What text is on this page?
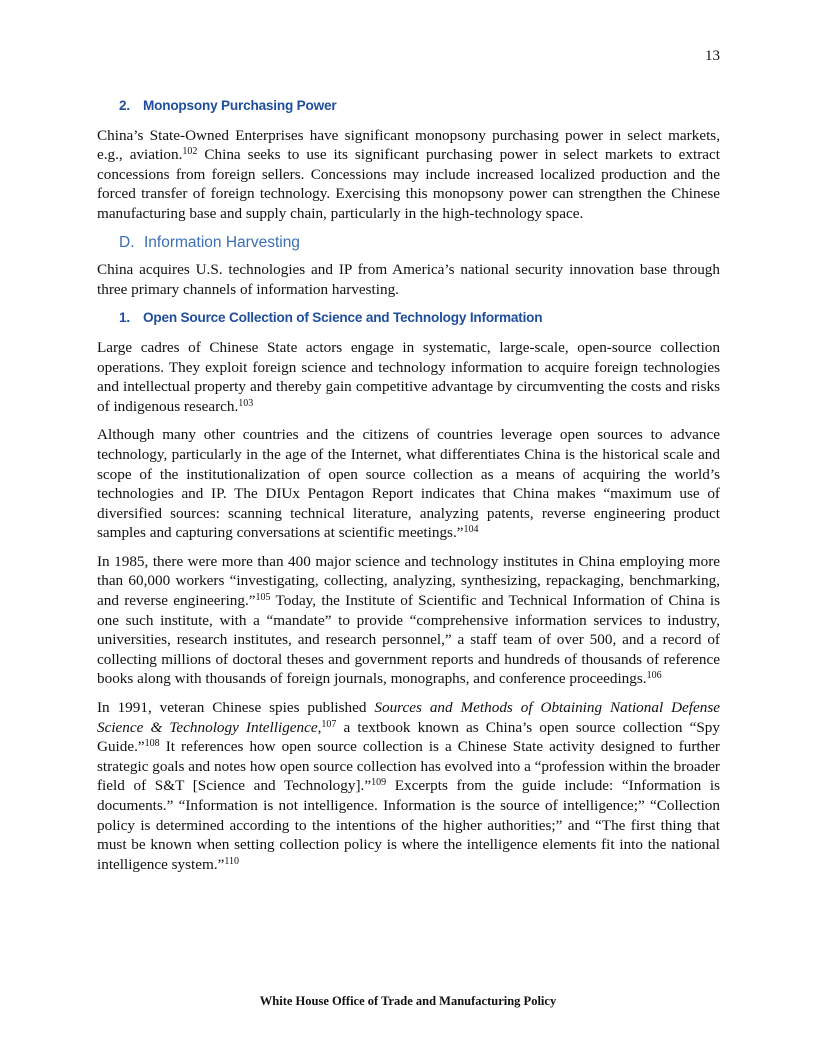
13
2. Monopsony Purchasing Power

China’s State-Owned Enterprises have significant monopsony purchasing power in select markets, e.g., aviation.$^{102}$ China seeks to use its significant purchasing power in select markets to extract concessions from foreign sellers. Concessions may include increased localized production and the forced transfer of foreign technology. Exercising this monopsony power can strengthen the Chinese manufacturing base and supply chain, particularly in the high-technology space.

D. Information Harvesting

China acquires U.S. technologies and IP from America’s national security innovation base through three primary channels of information harvesting.

1. Open Source Collection of Science and Technology Information

Large cadres of Chinese State actors engage in systematic, large-scale, open-source collection operations. They exploit foreign science and technology information to acquire foreign technologies and intellectual property and thereby gain competitive advantage by circumventing the costs and risks of indigenous research.$^{103}$

Although many other countries and the citizens of countries leverage open sources to advance technology, particularly in the age of the Internet, what differentiates China is the historical scale and scope of the institutionalization of open source collection as a means of acquiring the world’s technologies and IP. The DIUx Pentagon Report indicates that China makes “maximum use of diversified sources: scanning technical literature, analyzing patents, reverse engineering product samples and capturing conversations at scientific meetings.”$^{104}$

In 1985, there were more than 400 major science and technology institutes in China employing more than 60,000 workers “investigating, collecting, analyzing, synthesizing, repackaging, benchmarking, and reverse engineering.”$^{105}$ Today, the Institute of Scientific and Technical Information of China is one such institute, with a “mandate” to provide “comprehensive information services to industry, universities, research institutes, and research personnel,” a staff team of over 500, and a record of collecting millions of doctoral theses and government reports and hundreds of thousands of reference books along with thousands of foreign journals, monographs, and conference proceedings.$^{106}$

In 1991, veteran Chinese spies published Sources and Methods of Obtaining National Defense Science & Technology Intelligence,$^{107}$ a textbook known as China’s open source collection “Spy Guide.”$^{108}$ It references how open source collection is a Chinese State activity designed to further strategic goals and notes how open source collection has evolved into a “profession within the broader field of S&T [Science and Technology].”$^{109}$ Excerpts from the guide include: “Information is documents.” “Information is not intelligence. Information is the source of intelligence;” “Collection policy is determined according to the intentions of the higher authorities;” and “The first thing that must be known when setting collection policy is where the intelligence elements fit into the national intelligence system.”$^{110}$

White House Office of Trade and Manufacturing Policy
